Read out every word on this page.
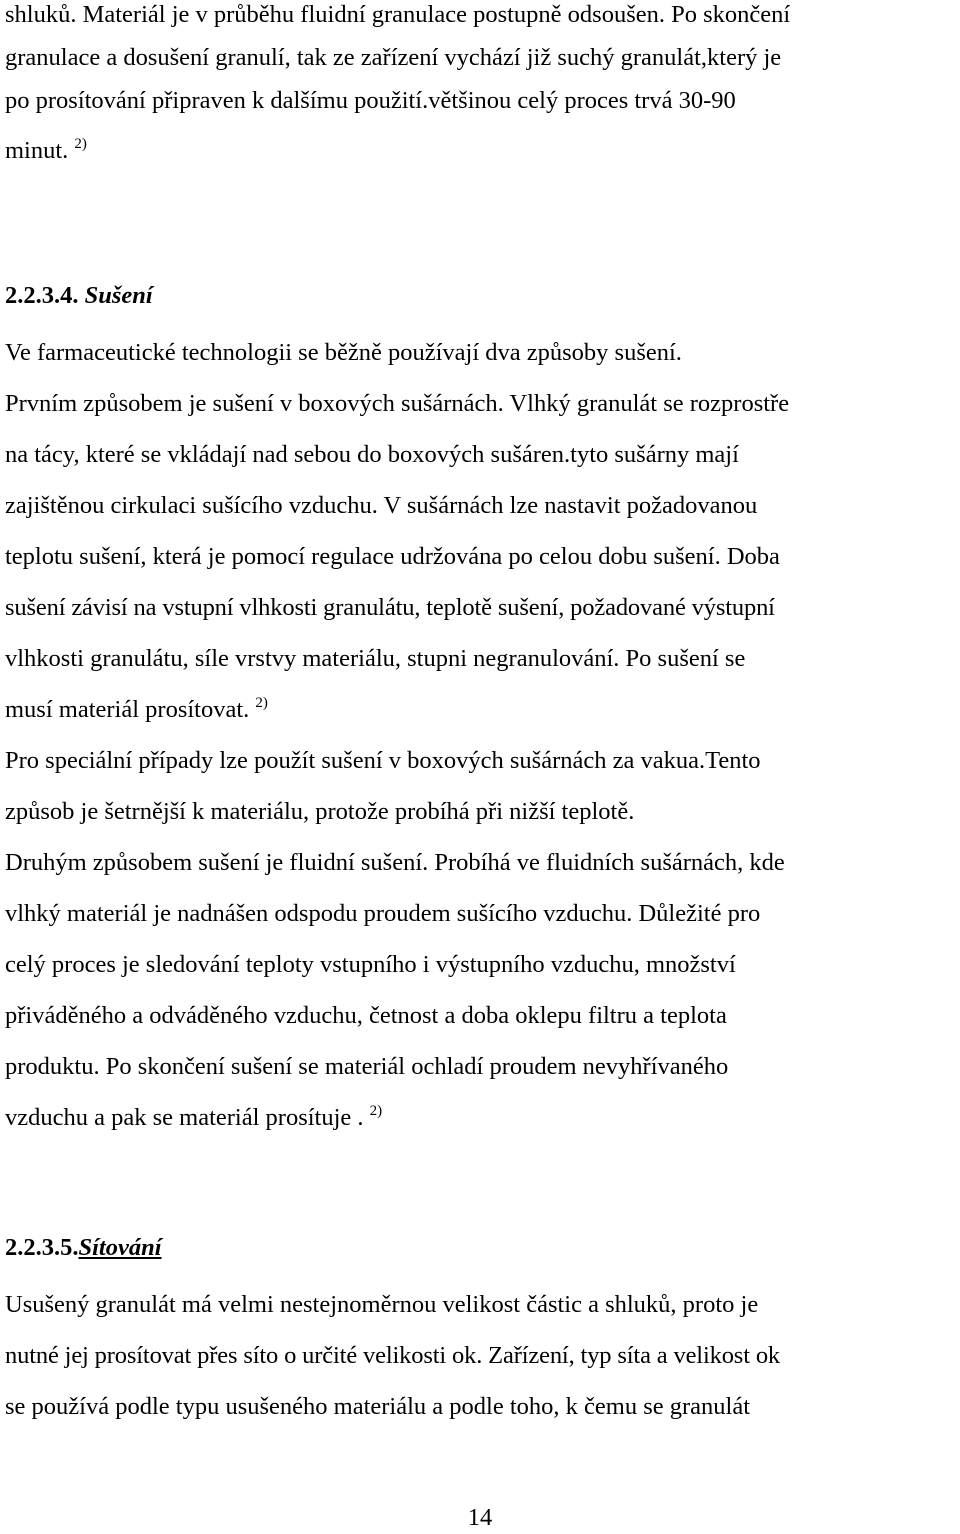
shluků. Materiál je v průběhu fluidní granulace postupně odsoušen. Po skončení
granulace a dosušení granulí, tak ze zařízení vychází již suchý granulát,který je
po prosítování připraven k dalšímu použití.většinou celý proces trvá 30-90
minut. $^{2)}$
2.2.3.4. Sušení
Ve farmaceutické technologii se běžně používají dva způsoby sušení.
Prvním způsobem je sušení v boxových sušárnách. Vlhký granulát se rozprostře
na tácy, které se vkládají nad sebou do boxových sušáren.tyto sušárny mají
zajištěnou cirkulaci sušícího vzduchu. V sušárnách lze nastavit požadovanou
teplotu sušení, která je pomocí regulace udržována po celou dobu sušení. Doba
sušení závisí na vstupní vlhkosti granulátu, teplotě sušení, požadované výstupní
vlhkosti granulátu, síle vrstvy materiálu, stupni negranulování. Po sušení se
musí materiál prosítovat. $^{2)}$
Pro speciální případy lze použít sušení v boxových sušárnách za vakua.Tento
způsob je šetrnější k materiálu, protože probíhá při nižší teplotě.
Druhým způsobem sušení je fluidní sušení. Probíhá ve fluidních sušárnách, kde
vlhký materiál je nadnášen odspodu proudem sušícího vzduchu. Důležité pro
celý proces je sledování teploty vstupního i výstupního vzduchu, množství
přiváděného a odváděného vzduchu, četnost a doba oklepu filtru a teplota
produktu. Po skončení sušení se materiál ochladí proudem nevyhřívaného
vzduchu a pak se materiál prosítuje . $^{2)}$
2.2.3.5.Sítování
Usušený granulát má velmi nestejnoměrnou velikost částic a shluků, proto je
nutné jej prosítovat přes síto o určité velikosti ok. Zařízení, typ síta a velikost ok
se používá podle typu usušeného materiálu a podle toho, k čemu se granulát
14
